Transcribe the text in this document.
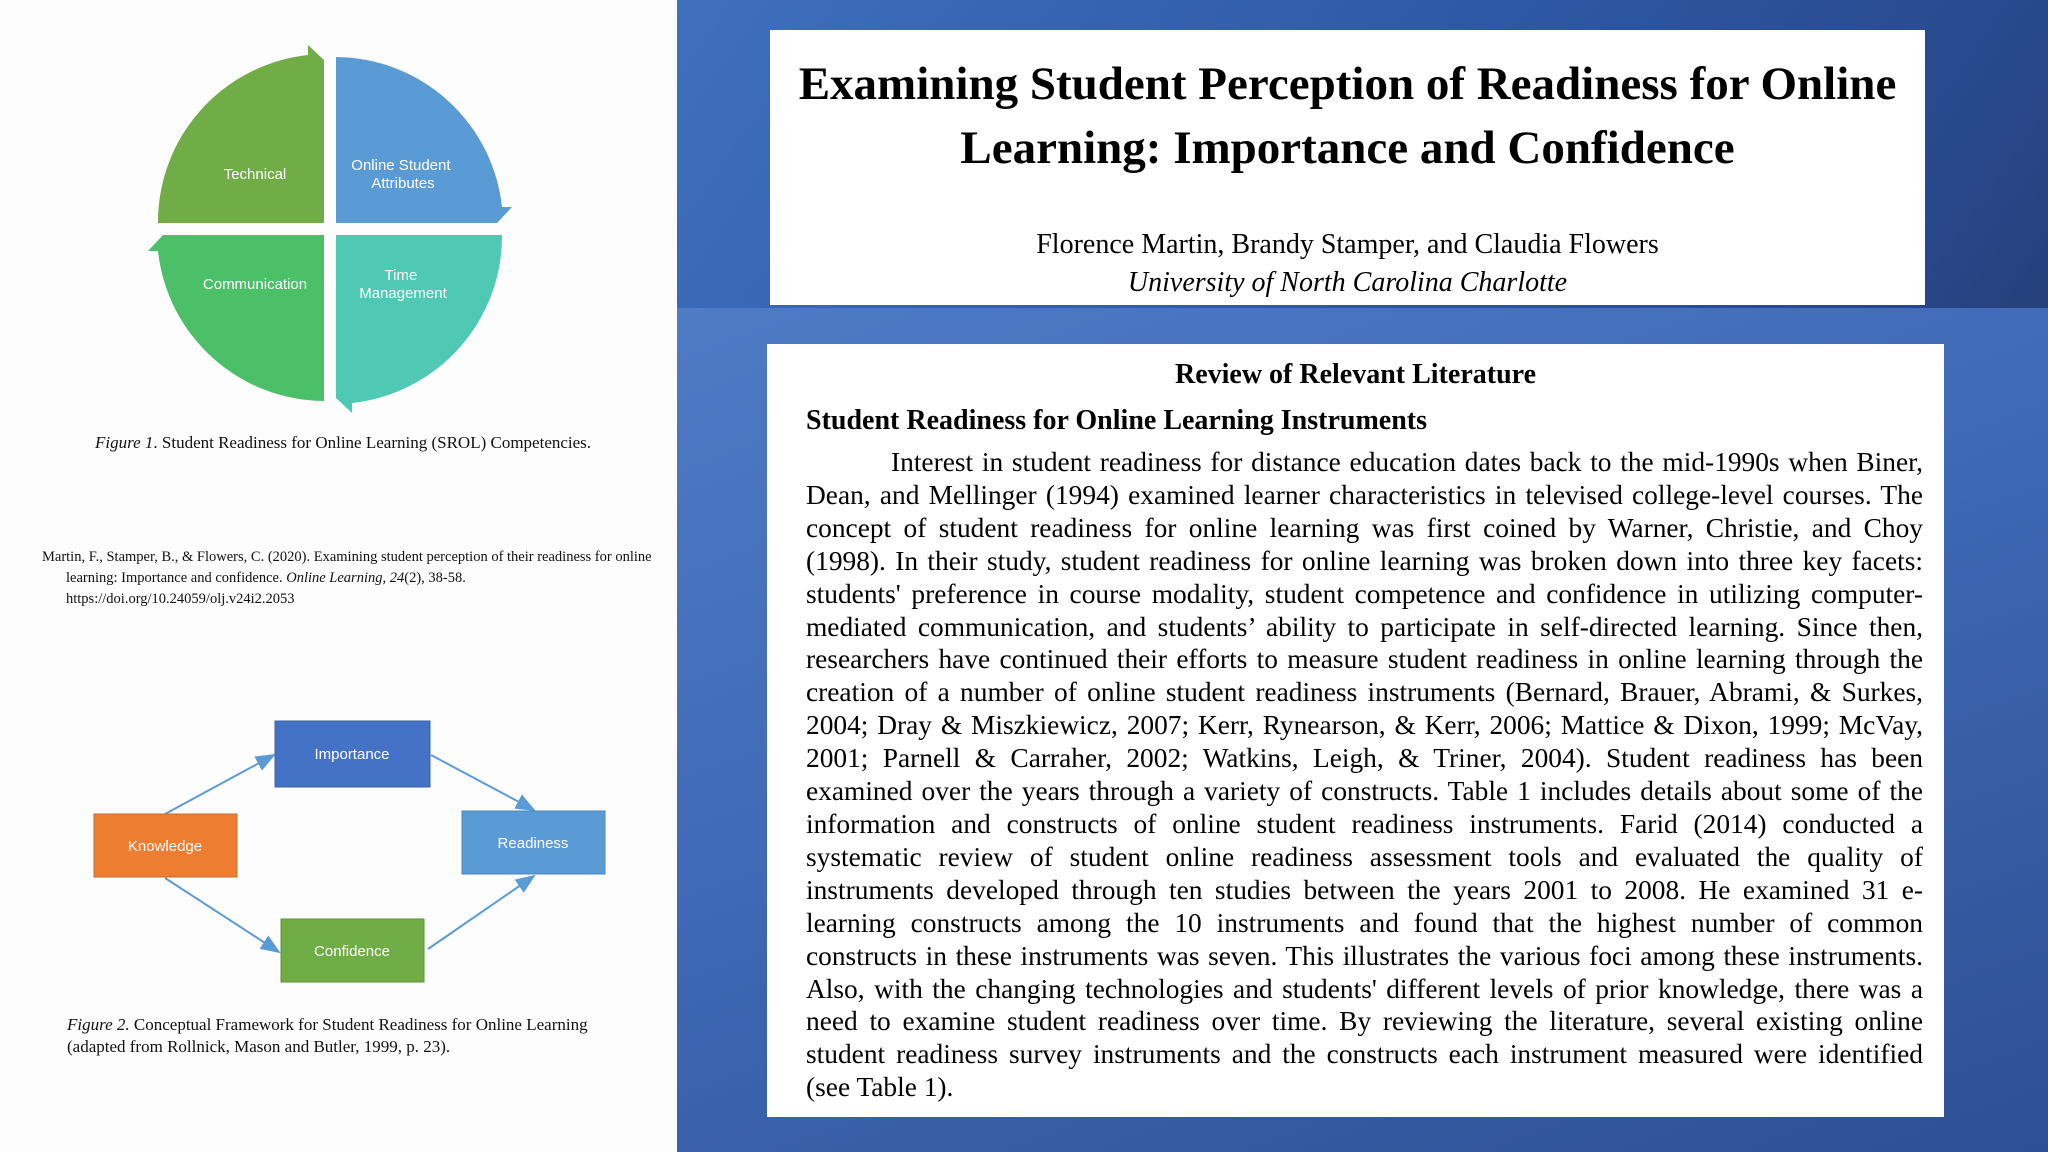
Technical
Online Student Attributes
Communication
Time Management
Figure 1. Student Readiness for Online Learning (SROL) Competencies.
Martin, F., Stamper, B., & Flowers, C. (2020). Examining student perception of their readiness for online learning: Importance and confidence. Online Learning, 24(2), 38-58.
https://doi.org/10.24059/olj.v24i2.2053
Importance
Knowledge	Readiness
Confidence
Figure 2. Conceptual Framework for Student Readiness for Online Learning
(adapted from Rollnick, Mason and Butler, 1999, p. 23).
Examining Student Perception of Readiness for Online
Learning: Importance and Confidence
Florence Martin, Brandy Stamper, and Claudia Flowers
University of North Carolina Charlotte
Review of Relevant Literature
Student Readiness for Online Learning Instruments
Interest in student readiness for distance education dates back to the mid-1990s when Biner, Dean, and Mellinger (1994) examined learner characteristics in televised college-level courses. The concept of student readiness for online learning was first coined by Warner, Christie, and Choy (1998). In their study, student readiness for online learning was broken down into three key facets: students' preference in course modality, student competence and confidence in utilizing computer-mediated communication, and students’ ability to participate in self-directed learning. Since then, researchers have continued their efforts to measure student readiness in online learning through the creation of a number of online student readiness instruments (Bernard, Brauer, Abrami, & Surkes, 2004; Dray & Miszkiewicz, 2007; Kerr, Rynearson, & Kerr, 2006; Mattice & Dixon, 1999; McVay, 2001; Parnell & Carraher, 2002; Watkins, Leigh, & Triner, 2004). Student readiness has been examined over the years through a variety of constructs. Table 1 includes details about some of the information and constructs of online student readiness instruments. Farid (2014) conducted a systematic review of student online readiness assessment tools and evaluated the quality of instruments developed through ten studies between the years 2001 to 2008. He examined 31 e-learning constructs among the 10 instruments and found that the highest number of common constructs in these instruments was seven. This illustrates the various foci among these instruments. Also, with the changing technologies and students' different levels of prior knowledge, there was a need to examine student readiness over time. By reviewing the literature, several existing online student readiness survey instruments and the constructs each instrument measured were identified (see Table 1).
